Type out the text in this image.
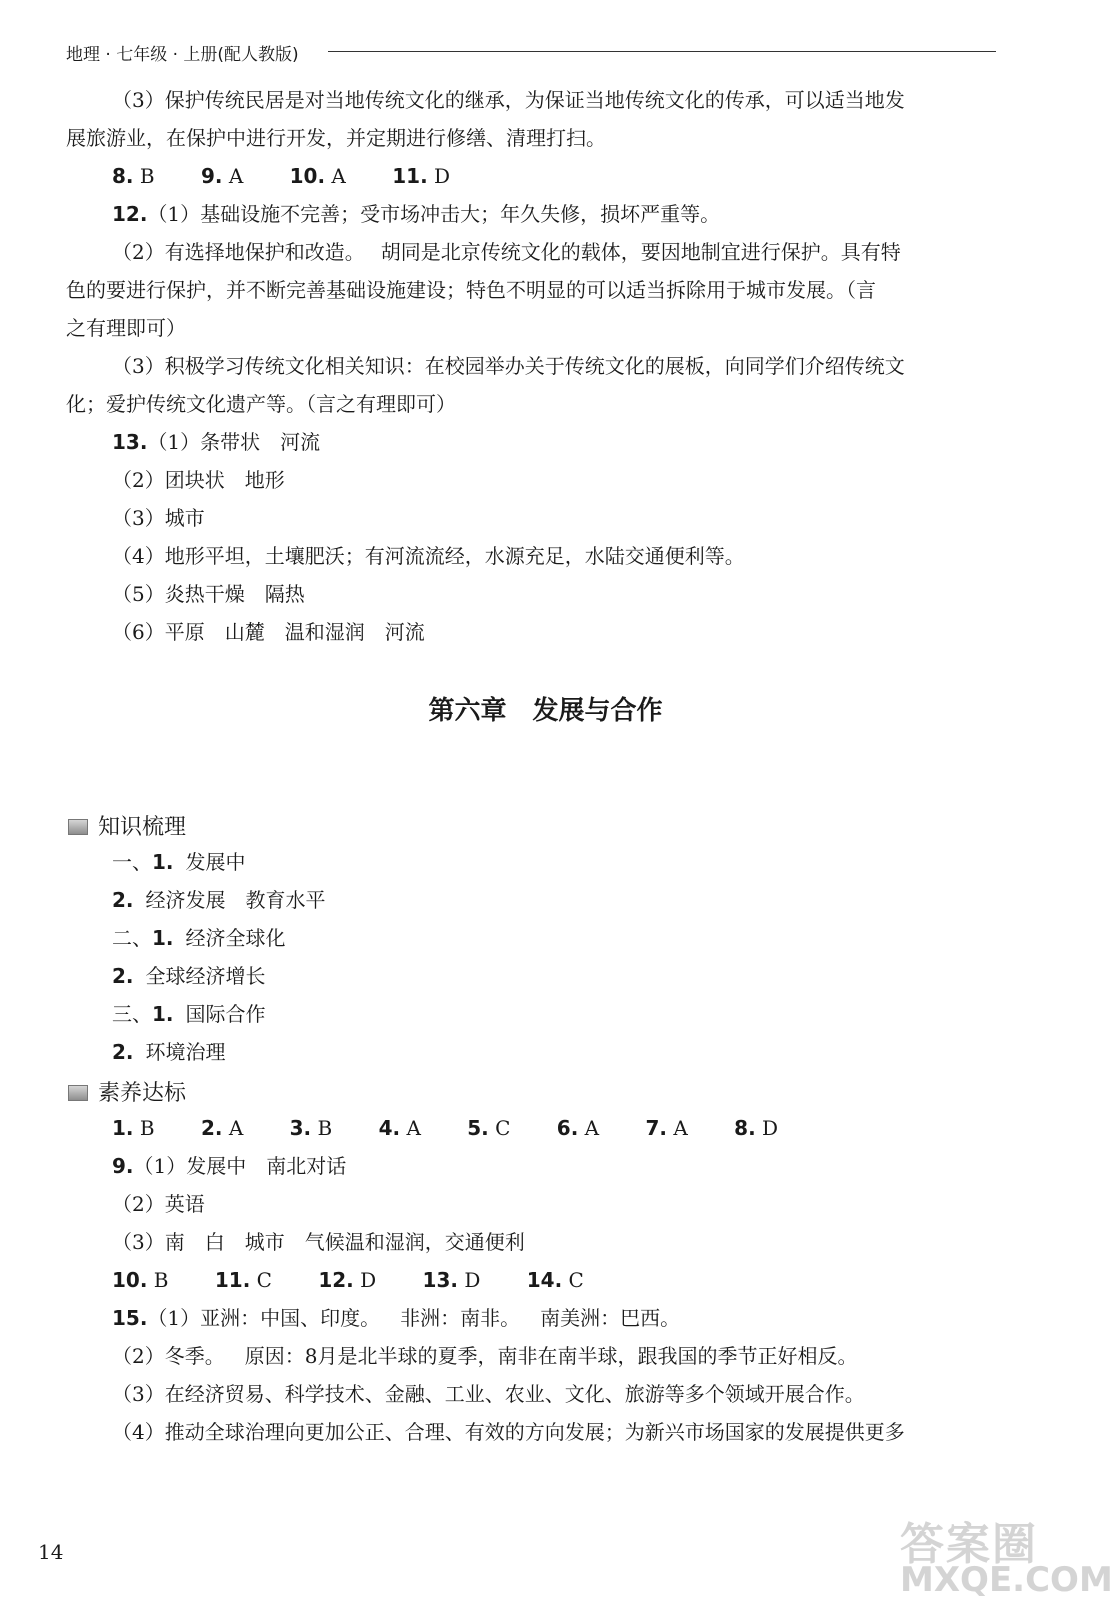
地理 · 七年级 · 上册(配人教版)
（3）保护传统民居是对当地传统文化的继承，为保证当地传统文化的传承，可以适当地发
展旅游业，在保护中进行开发，并定期进行修缮、清理打扫。
8. B 9. A 10. A 11. D
12.（1）基础设施不完善；受市场冲击大；年久失修，损坏严重等。
（2）有选择地保护和改造。 胡同是北京传统文化的载体，要因地制宜进行保护。具有特
色的要进行保护，并不断完善基础设施建设；特色不明显的可以适当拆除用于城市发展。（言
之有理即可）
（3）积极学习传统文化相关知识：在校园举办关于传统文化的展板，向同学们介绍传统文
化；爱护传统文化遗产等。（言之有理即可）
13.（1）条带状 河流
（2）团块状 地形
（3）城市
（4）地形平坦，土壤肥沃；有河流流经，水源充足，水陆交通便利等。
（5）炎热干燥 隔热
（6）平原 山麓 温和湿润 河流
第六章　发展与合作
知识梳理
一、1. 发展中
2. 经济发展 教育水平
二、1. 经济全球化
2. 全球经济增长
三、1. 国际合作
2. 环境治理
素养达标
1. B 2. A 3. B 4. A 5. C 6. A 7. A 8. D
9.（1）发展中 南北对话
（2）英语
（3）南 白 城市 气候温和湿润，交通便利
10. B 11. C 12. D 13. D 14. C
15.（1）亚洲：中国、印度。 非洲：南非。 南美洲：巴西。
（2）冬季。 原因：8月是北半球的夏季，南非在南半球，跟我国的季节正好相反。
（3）在经济贸易、科学技术、金融、工业、农业、文化、旅游等多个领域开展合作。
（4）推动全球治理向更加公正、合理、有效的方向发展；为新兴市场国家的发展提供更多
14	答案圈
MXQE.COM
